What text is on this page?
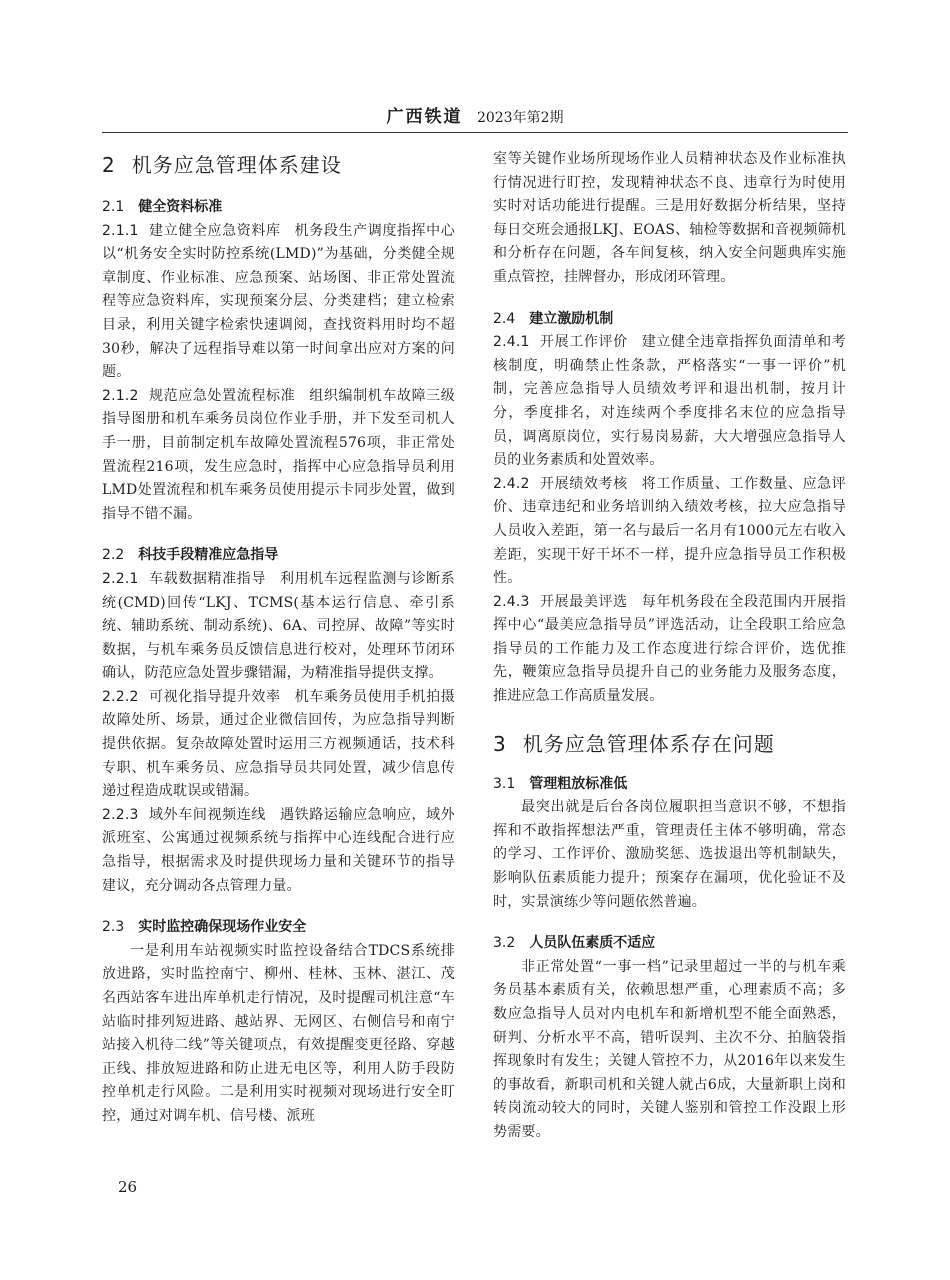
广西铁道 2023年第2期
2 机务应急管理体系建设
2.1 健全资料标准

2.1.1 建立健全应急资料库 机务段生产调度指挥中心以“机务安全实时防控系统(LMD)”为基础，分类健全规章制度、作业标准、应急预案、站场图、非正常处置流程等应急资料库，实现预案分层、分类建档；建立检索目录，利用关键字检索快速调阅，查找资料用时均不超30秒，解决了远程指导难以第一时间拿出应对方案的问题。

2.1.2 规范应急处置流程标准 组织编制机车故障三级指导图册和机车乘务员岗位作业手册，并下发至司机人手一册，目前制定机车故障处置流程576项，非正常处置流程216项，发生应急时，指挥中心应急指导员利用LMD处置流程和机车乘务员使用提示卡同步处置，做到指导不错不漏。

2.2 科技手段精准应急指导

2.2.1 车载数据精准指导 利用机车远程监测与诊断系统(CMD)回传“LKJ、TCMS(基本运行信息、牵引系统、辅助系统、制动系统)、6A、司控屏、故障”等实时数据，与机车乘务员反馈信息进行校对，处理环节闭环确认，防范应急处置步骤错漏，为精准指导提供支撑。

2.2.2 可视化指导提升效率 机车乘务员使用手机拍摄故障处所、场景，通过企业微信回传，为应急指导判断提供依据。复杂故障处置时运用三方视频通话，技术科专职、机车乘务员、应急指导员共同处置，减少信息传递过程造成耽误或错漏。

2.2.3 域外车间视频连线 遇铁路运输应急响应，域外派班室、公寓通过视频系统与指挥中心连线配合进行应急指导，根据需求及时提供现场力量和关键环节的指导建议，充分调动各点管理力量。

2.3 实时监控确保现场作业安全

一是利用车站视频实时监控设备结合TDCS系统排放进路，实时监控南宁、柳州、桂林、玉林、湛江、茂名西站客车进出库单机走行情况，及时提醒司机注意“车站临时排列短进路、越站界、无网区、右侧信号和南宁站接入机待二线”等关键项点，有效提醒变更径路、穿越正线、排放短进路和防止进无电区等，利用人防手段防控单机走行风险。二是利用实时视频对现场进行安全盯控，通过对调车机、信号楼、派班

室等关键作业场所现场作业人员精神状态及作业标准执行情况进行盯控，发现精神状态不良、违章行为时使用实时对话功能进行提醒。三是用好数据分析结果，坚持每日交班会通报LKJ、EOAS、轴检等数据和音视频筛机和分析存在问题，各车间复核，纳入安全问题典库实施重点管控，挂牌督办，形成闭环管理。

2.4 建立激励机制

2.4.1 开展工作评价 建立健全违章指挥负面清单和考核制度，明确禁止性条款，严格落实“一事一评价”机制，完善应急指导人员绩效考评和退出机制，按月计分，季度排名，对连续两个季度排名末位的应急指导员，调离原岗位，实行易岗易薪，大大增强应急指导人员的业务素质和处置效率。

2.4.2 开展绩效考核 将工作质量、工作数量、应急评价、违章违纪和业务培训纳入绩效考核，拉大应急指导人员收入差距，第一名与最后一名月有1000元左右收入差距，实现干好干坏不一样，提升应急指导员工作积极性。

2.4.3 开展最美评选 每年机务段在全段范围内开展指挥中心“最美应急指导员”评选活动，让全段职工给应急指导员的工作能力及工作态度进行综合评价，选优推先，鞭策应急指导员提升自己的业务能力及服务态度，推进应急工作高质量发展。

3 机务应急管理体系存在问题
3.1 管理粗放标准低

最突出就是后台各岗位履职担当意识不够，不想指挥和不敢指挥想法严重，管理责任主体不够明确，常态的学习、工作评价、激励奖惩、选拔退出等机制缺失，影响队伍素质能力提升；预案存在漏项，优化验证不及时，实景演练少等问题依然普遍。

3.2 人员队伍素质不适应

非正常处置“一事一档”记录里超过一半的与机车乘务员基本素质有关，依赖思想严重，心理素质不高；多数应急指导人员对内电机车和新增机型不能全面熟悉，研判、分析水平不高，错听误判、主次不分、拍脑袋指挥现象时有发生；关键人管控不力，从2016年以来发生的事故看，新职司机和关键人就占6成，大量新职上岗和转岗流动较大的同时，关键人鉴别和管控工作没跟上形势需要。

26
